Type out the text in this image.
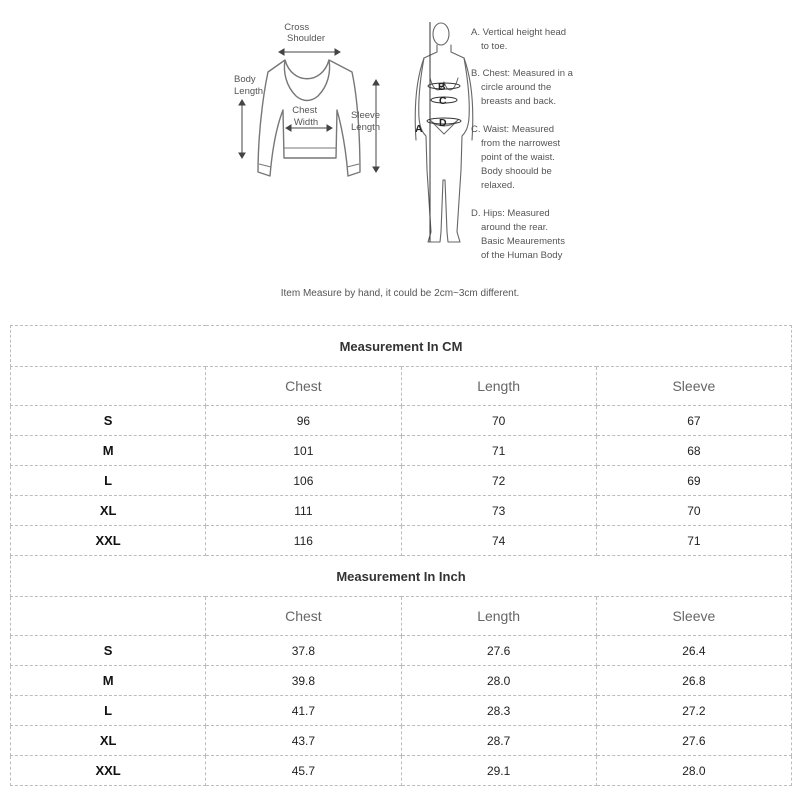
Cross Shoulder
Body Length
Chest Width
Sleeve Length	A
B
C
D
A. Vertical height head to toe.
B. Chest: Measured in a circle around the breasts and back.
C. Waist: Measured from the narrowest point of the waist. Body shoould be relaxed.
D. Hips: Measured around the rear. Basic Meaurements of the Human Body
Item Measure by hand, it could be 2cm~3cm different.
Measurement In CM			
	Chest	Length	Sleeve
S	96	70	67
M	101	71	68
L	106	72	69
XL	111	73	70
XXL	116	74	71
Measurement In Inch			
	Chest	Length	Sleeve
S	37.8	27.6	26.4
M	39.8	28.0	26.8
L	41.7	28.3	27.2
XL	43.7	28.7	27.6
XXL	45.7	29.1	28.0
